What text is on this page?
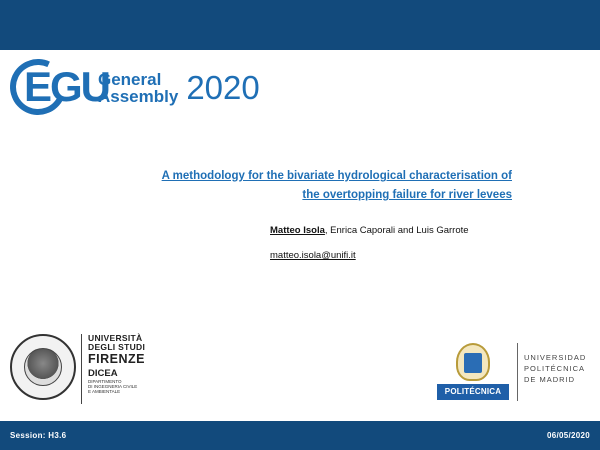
EGU
General
Assembly 2020
A methodology for the bivariate hydrological characterisation of
the overtopping failure for river levees
Matteo Isola, Enrica Caporali and Luis Garrote
matteo.isola@unifi.it
UNIVERSITÀ
DEGLI STUDI
FIRENZE
DICEA
DIPARTIMENTO
DI INGEGNERIA CIVILE
E AMBIENTALE	POLITÉCNICA
UNIVERSIDAD
POLITÉCNICA
DE MADRID
Session: H3.6	06/05/2020
